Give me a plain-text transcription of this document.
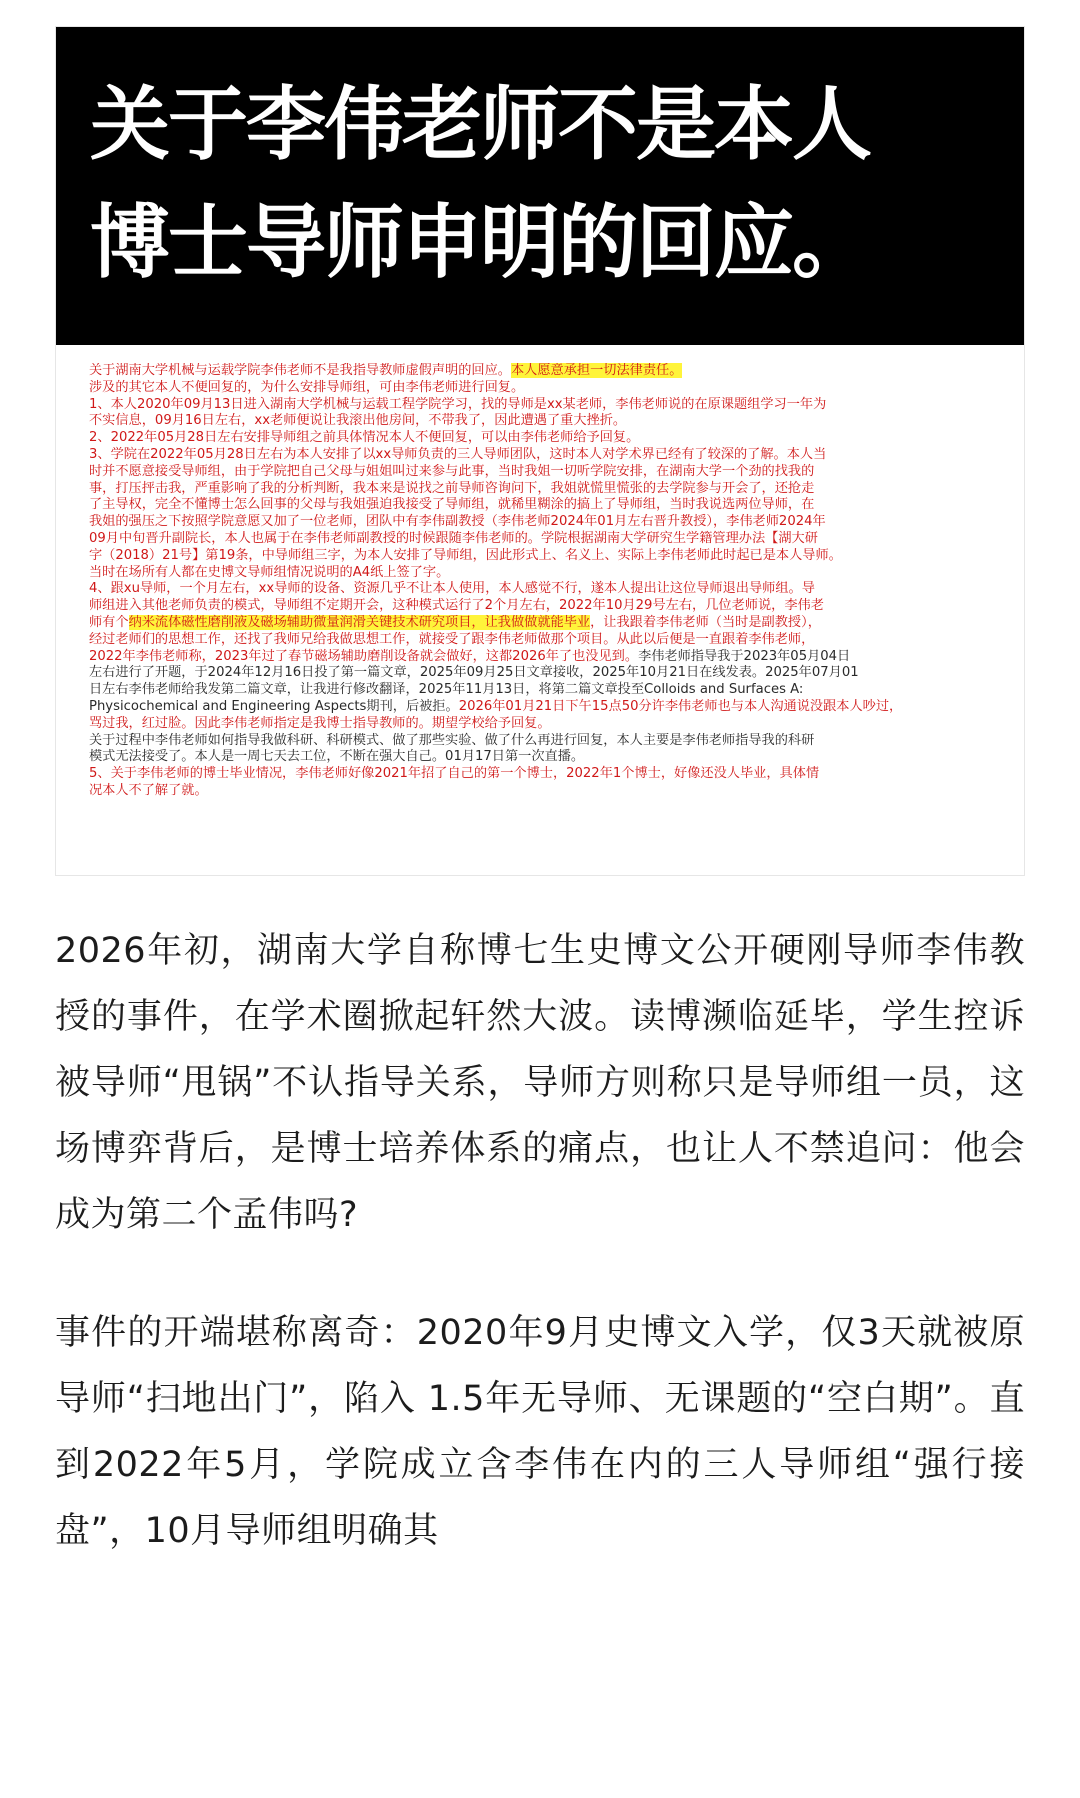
关于李伟老师不是本人
博士导师申明的回应。
关于湖南大学机械与运载学院李伟老师不是我指导教师虚假声明的回应。本人愿意承担一切法律责任。
涉及的其它本人不便回复的，为什么安排导师组，可由李伟老师进行回复。
1、本人2020年09月13日进入湖南大学机械与运载工程学院学习，找的导师是xx某老师，李伟老师说的在原课题组学习一年为
不实信息，09月16日左右，xx老师便说让我滚出他房间，不带我了，因此遭遇了重大挫折。
2、2022年05月28日左右安排导师组之前具体情况本人不便回复，可以由李伟老师给予回复。
3、学院在2022年05月28日左右为本人安排了以xx导师负责的三人导师团队，这时本人对学术界已经有了较深的了解。本人当
时并不愿意接受导师组，由于学院把自己父母与姐姐叫过来参与此事，当时我姐一切听学院安排，在湖南大学一个劲的找我的
事，打压抨击我，严重影响了我的分析判断，我本来是说找之前导师咨询问下，我姐就慌里慌张的去学院参与开会了，还抢走
了主导权，完全不懂博士怎么回事的父母与我姐强迫我接受了导师组，就稀里糊涂的搞上了导师组，当时我说选两位导师，在
我姐的强压之下按照学院意愿又加了一位老师，团队中有李伟副教授（李伟老师2024年01月左右晋升教授），李伟老师2024年
09月中旬晋升副院长，本人也属于在李伟老师副教授的时候跟随李伟老师的。学院根据湖南大学研究生学籍管理办法【湖大研
字（2018）21号】第19条，中导师组三字，为本人安排了导师组，因此形式上、名义上、实际上李伟老师此时起已是本人导师。
当时在场所有人都在史博文导师组情况说明的A4纸上签了字。
4、跟xu导师，一个月左右，xx导师的设备、资源几乎不让本人使用，本人感觉不行，遂本人提出让这位导师退出导师组。导
师组进入其他老师负责的模式，导师组不定期开会，这种模式运行了2个月左右，2022年10月29号左右，几位老师说，李伟老
师有个纳米流体磁性磨削液及磁场辅助微量润滑关键技术研究项目，让我做做就能毕业，让我跟着李伟老师（当时是副教授），
经过老师们的思想工作，还找了我师兄给我做思想工作，就接受了跟李伟老师做那个项目。从此以后便是一直跟着李伟老师，
2022年李伟老师称，2023年过了春节磁场辅助磨削设备就会做好，这都2026年了也没见到。李伟老师指导我于2023年05月04日
左右进行了开题，于2024年12月16日投了第一篇文章，2025年09月25日文章接收，2025年10月21日在线发表。2025年07月01
日左右李伟老师给我发第二篇文章，让我进行修改翻译，2025年11月13日，将第二篇文章投至Colloids and Surfaces A:
Physicochemical and Engineering Aspects期刊，后被拒。2026年01月21日下午15点50分许李伟老师也与本人沟通说没跟本人吵过，
骂过我，红过脸。因此李伟老师指定是我博士指导教师的。期望学校给予回复。
关于过程中李伟老师如何指导我做科研、科研模式、做了那些实验、做了什么再进行回复，本人主要是李伟老师指导我的科研
模式无法接受了。本人是一周七天去工位，不断在强大自己。01月17日第一次直播。
5、关于李伟老师的博士毕业情况，李伟老师好像2021年招了自己的第一个博士，2022年1个博士，好像还没人毕业，具体情
况本人不了解了就。

2026年初，湖南大学自称博七生史博文公开硬刚导师李伟教授的事件，在学术圈掀起轩然大波。读博濒临延毕，学生控诉被导师“甩锅”不认指导关系，导师方则称只是导师组一员，这场博弈背后，是博士培养体系的痛点，也让人不禁追问：他会成为第二个孟伟吗?

事件的开端堪称离奇：2020年9月史博文入学，仅3天就被原导师“扫地出门”，陷入 1.5年无导师、无课题的“空白期”。直到2022年5月，学院成立含李伟在内的三人导师组“强行接盘”，10月导师组明确其
